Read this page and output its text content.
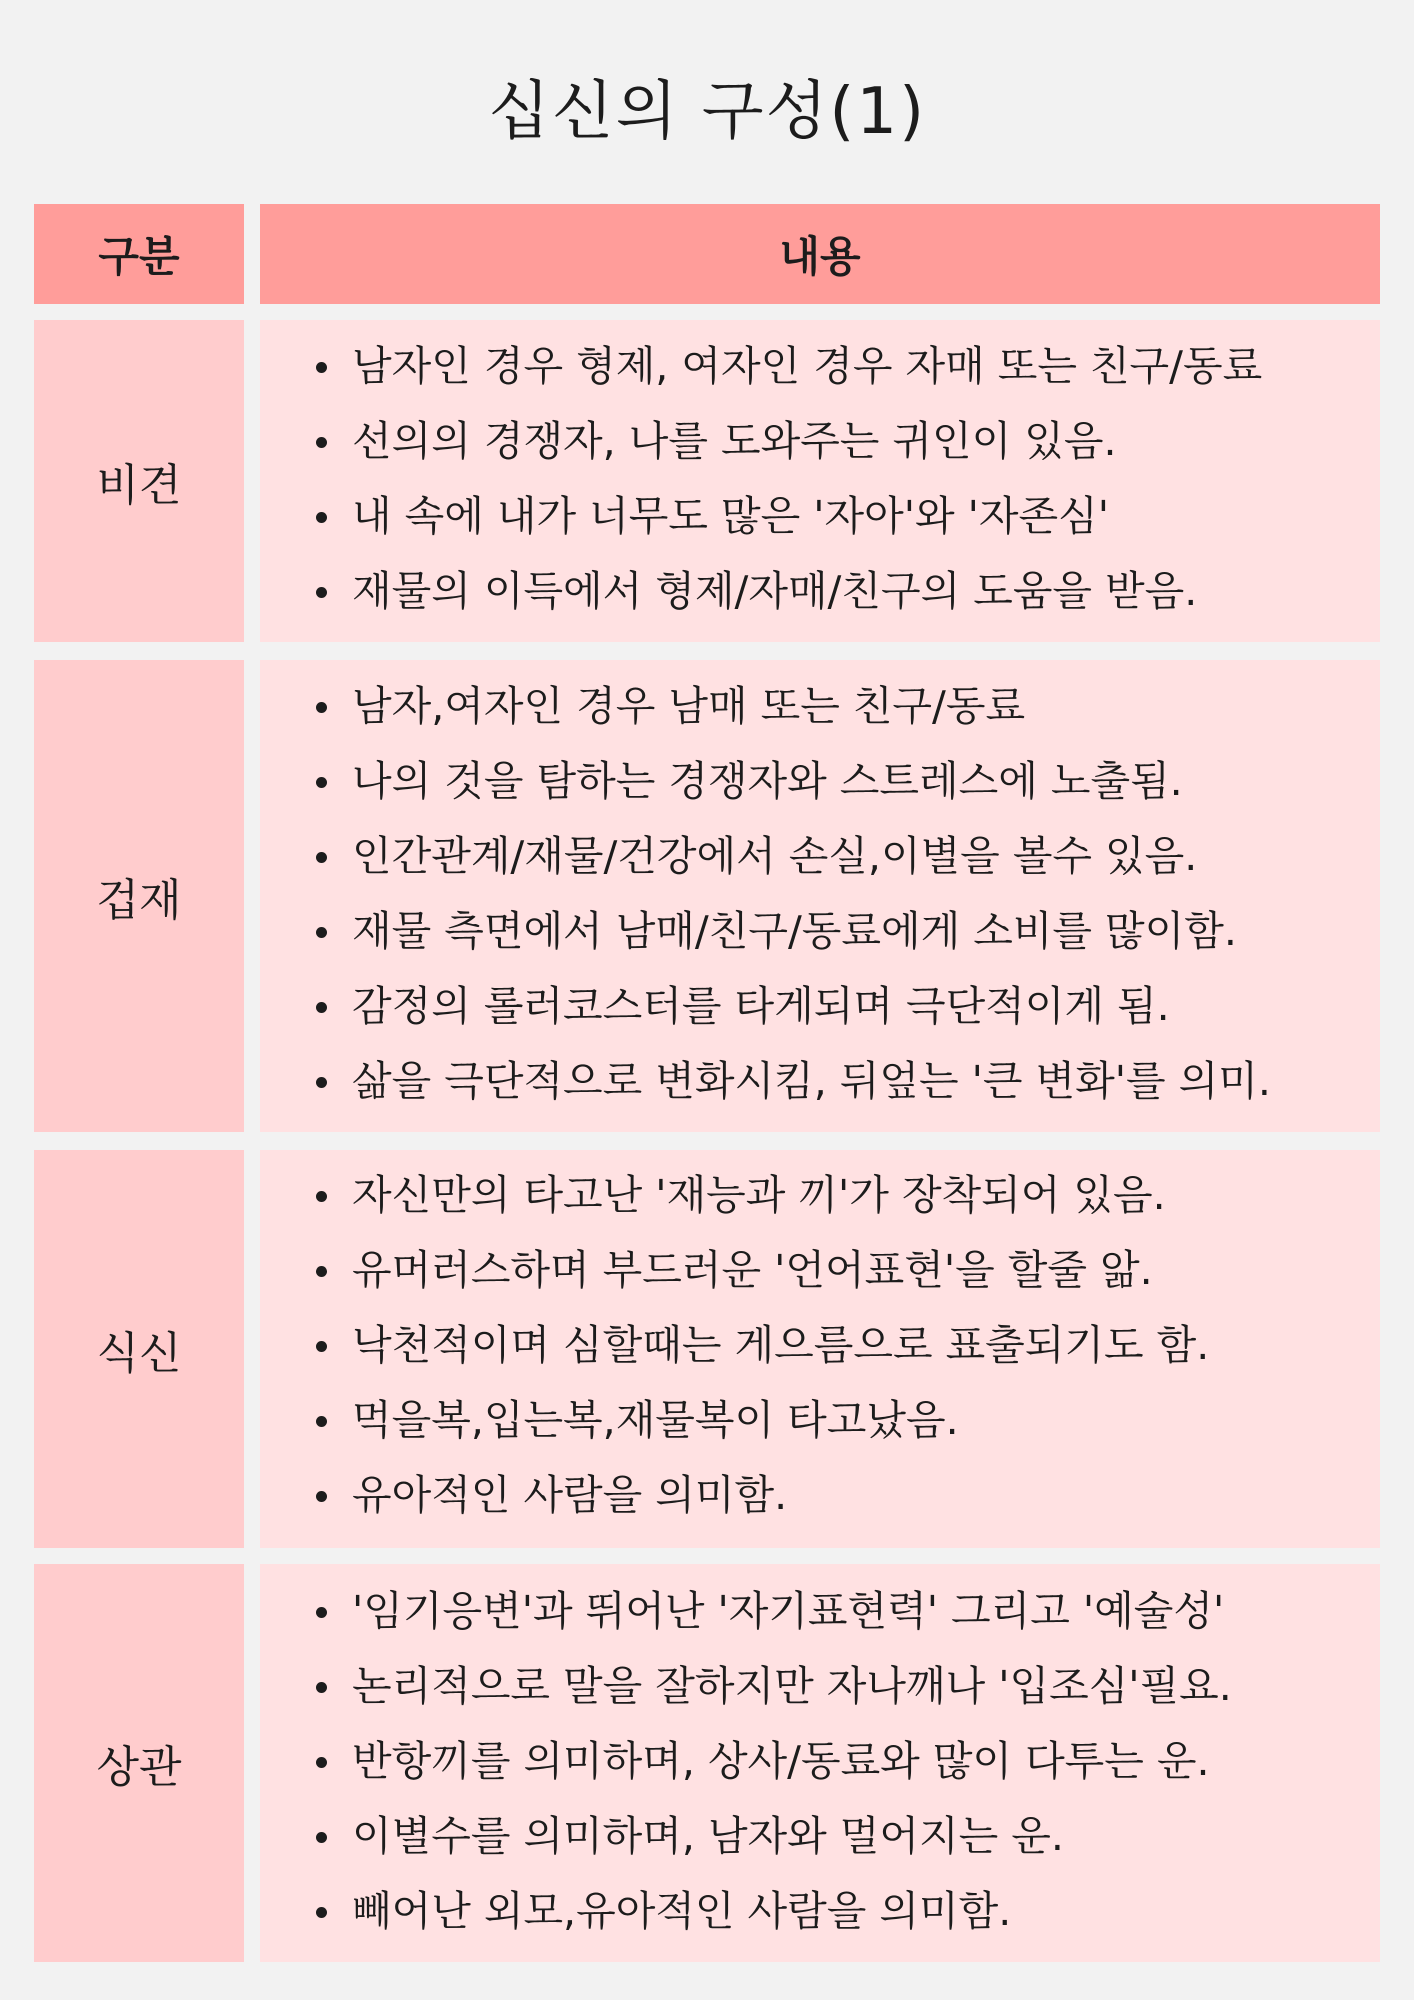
십신의 구성(1)
구분	내용
비견
남자인 경우 형제, 여자인 경우 자매 또는 친구/동료
선의의 경쟁자, 나를 도와주는 귀인이 있음.
내 속에 내가 너무도 많은 '자아'와 '자존심'
재물의 이득에서 형제/자매/친구의 도움을 받음.
겁재
남자,여자인 경우 남매 또는 친구/동료
나의 것을 탐하는 경쟁자와 스트레스에 노출됨.
인간관계/재물/건강에서 손실,이별을 볼수 있음.
재물 측면에서 남매/친구/동료에게 소비를 많이함.
감정의 롤러코스터를 타게되며 극단적이게 됨.
삶을 극단적으로 변화시킴, 뒤엎는 '큰 변화'를 의미.
식신
자신만의 타고난 '재능과 끼'가 장착되어 있음.
유머러스하며 부드러운 '언어표현'을 할줄 앎.
낙천적이며 심할때는 게으름으로 표출되기도 함.
먹을복,입는복,재물복이 타고났음.
유아적인 사람을 의미함.
상관
'임기응변'과 뛰어난 '자기표현력' 그리고 '예술성'
논리적으로 말을 잘하지만 자나깨나 '입조심'필요.
반항끼를 의미하며, 상사/동료와 많이 다투는 운.
이별수를 의미하며, 남자와 멀어지는 운.
빼어난 외모,유아적인 사람을 의미함.
